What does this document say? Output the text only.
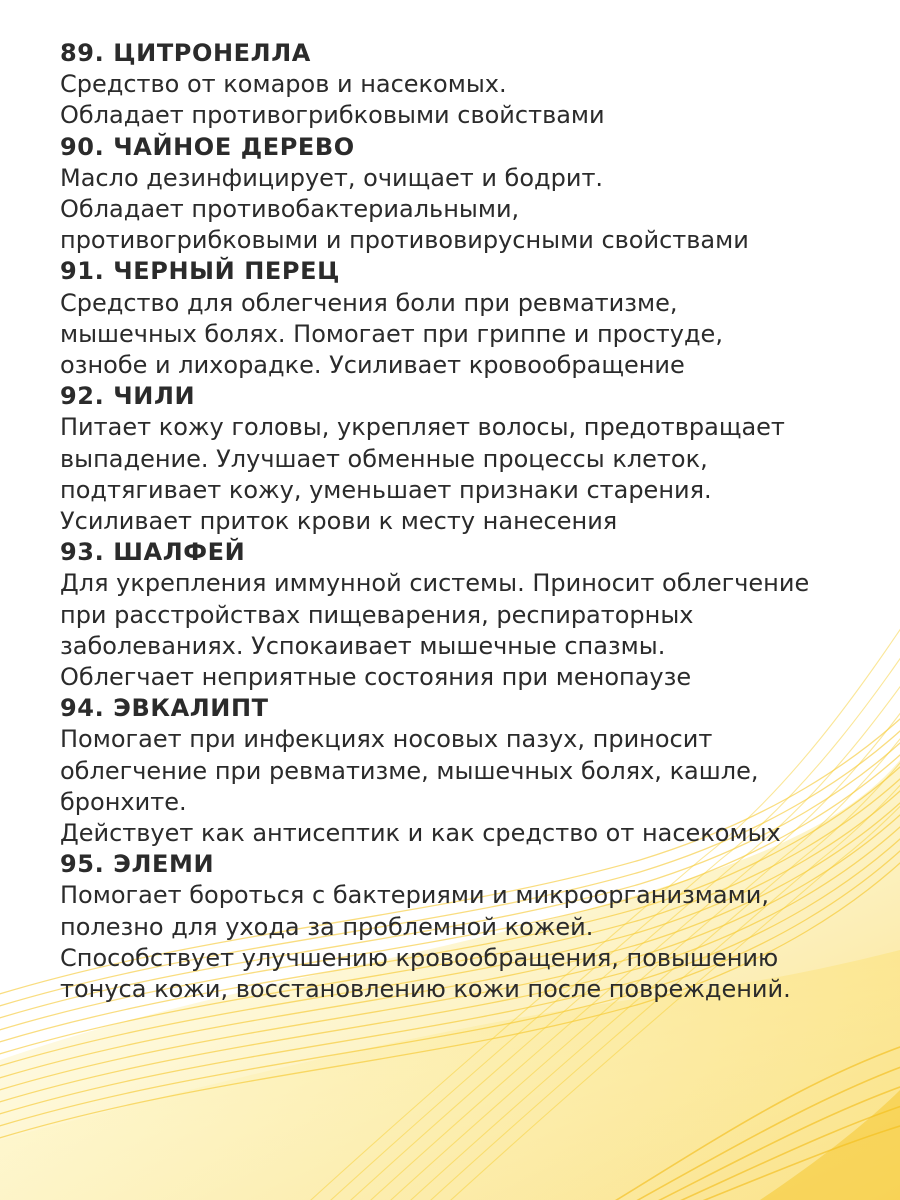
89. ЦИТРОНЕЛЛА
Средство от комаров и насекомых.
Обладает противогрибковыми свойствами
90. ЧАЙНОЕ ДЕРЕВО
Масло дезинфицирует, очищает и бодрит.
Обладает противобактериальными,
противогрибковыми и противовирусными свойствами
91. ЧЕРНЫЙ ПЕРЕЦ
Средство для облегчения боли при ревматизме,
мышечных болях. Помогает при гриппе и простуде,
ознобе и лихорадке. Усиливает кровообращение
92. ЧИЛИ
Питает кожу головы, укрепляет волосы, предотвращает
выпадение. Улучшает обменные процессы клеток,
подтягивает кожу, уменьшает признаки старения.
Усиливает приток крови к месту нанесения
93. ШАЛФЕЙ
Для укрепления иммунной системы. Приносит облегчение
при расстройствах пищеварения, респираторных
заболеваниях. Успокаивает мышечные спазмы.
Облегчает неприятные состояния при менопаузе
94. ЭВКАЛИПТ
Помогает при инфекциях носовых пазух, приносит
облегчение при ревматизме, мышечных болях, кашле,
бронхите.
Действует как антисептик и как средство от насекомых
95. ЭЛЕМИ
Помогает бороться с бактериями и микроорганизмами,
полезно для ухода за проблемной кожей.
Способствует улучшению кровообращения, повышению
тонуса кожи, восстановлению кожи после повреждений.
